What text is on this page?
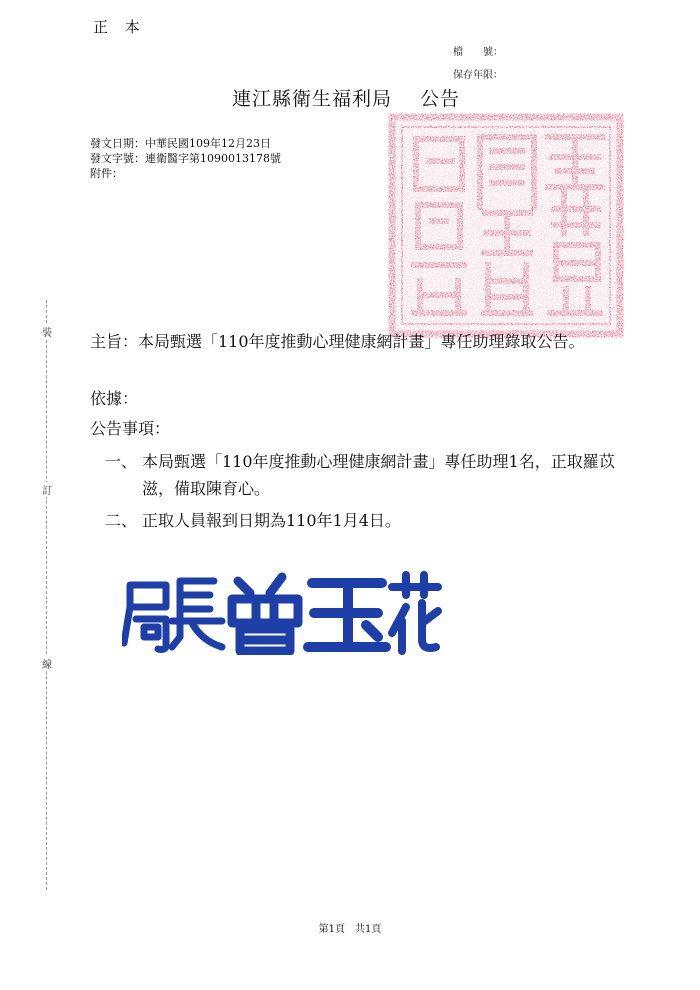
正 本
檔　　號：
保存年限：
連江縣衛生福利局 公告
發文日期：中華民國109年12月23日
發文字號：連衛醫字第1090013178號
附件：
裝
訂
線
主旨： 本局甄選「110年度推動心理健康網計畫」專任助理錄取公告。
依據：
公告事項：
一、 本局甄選「110年度推動心理健康網計畫」專任助理1名，正取羅苡滋，備取陳育心。
二、 正取人員報到日期為110年1月4日。
第1頁 共1頁
